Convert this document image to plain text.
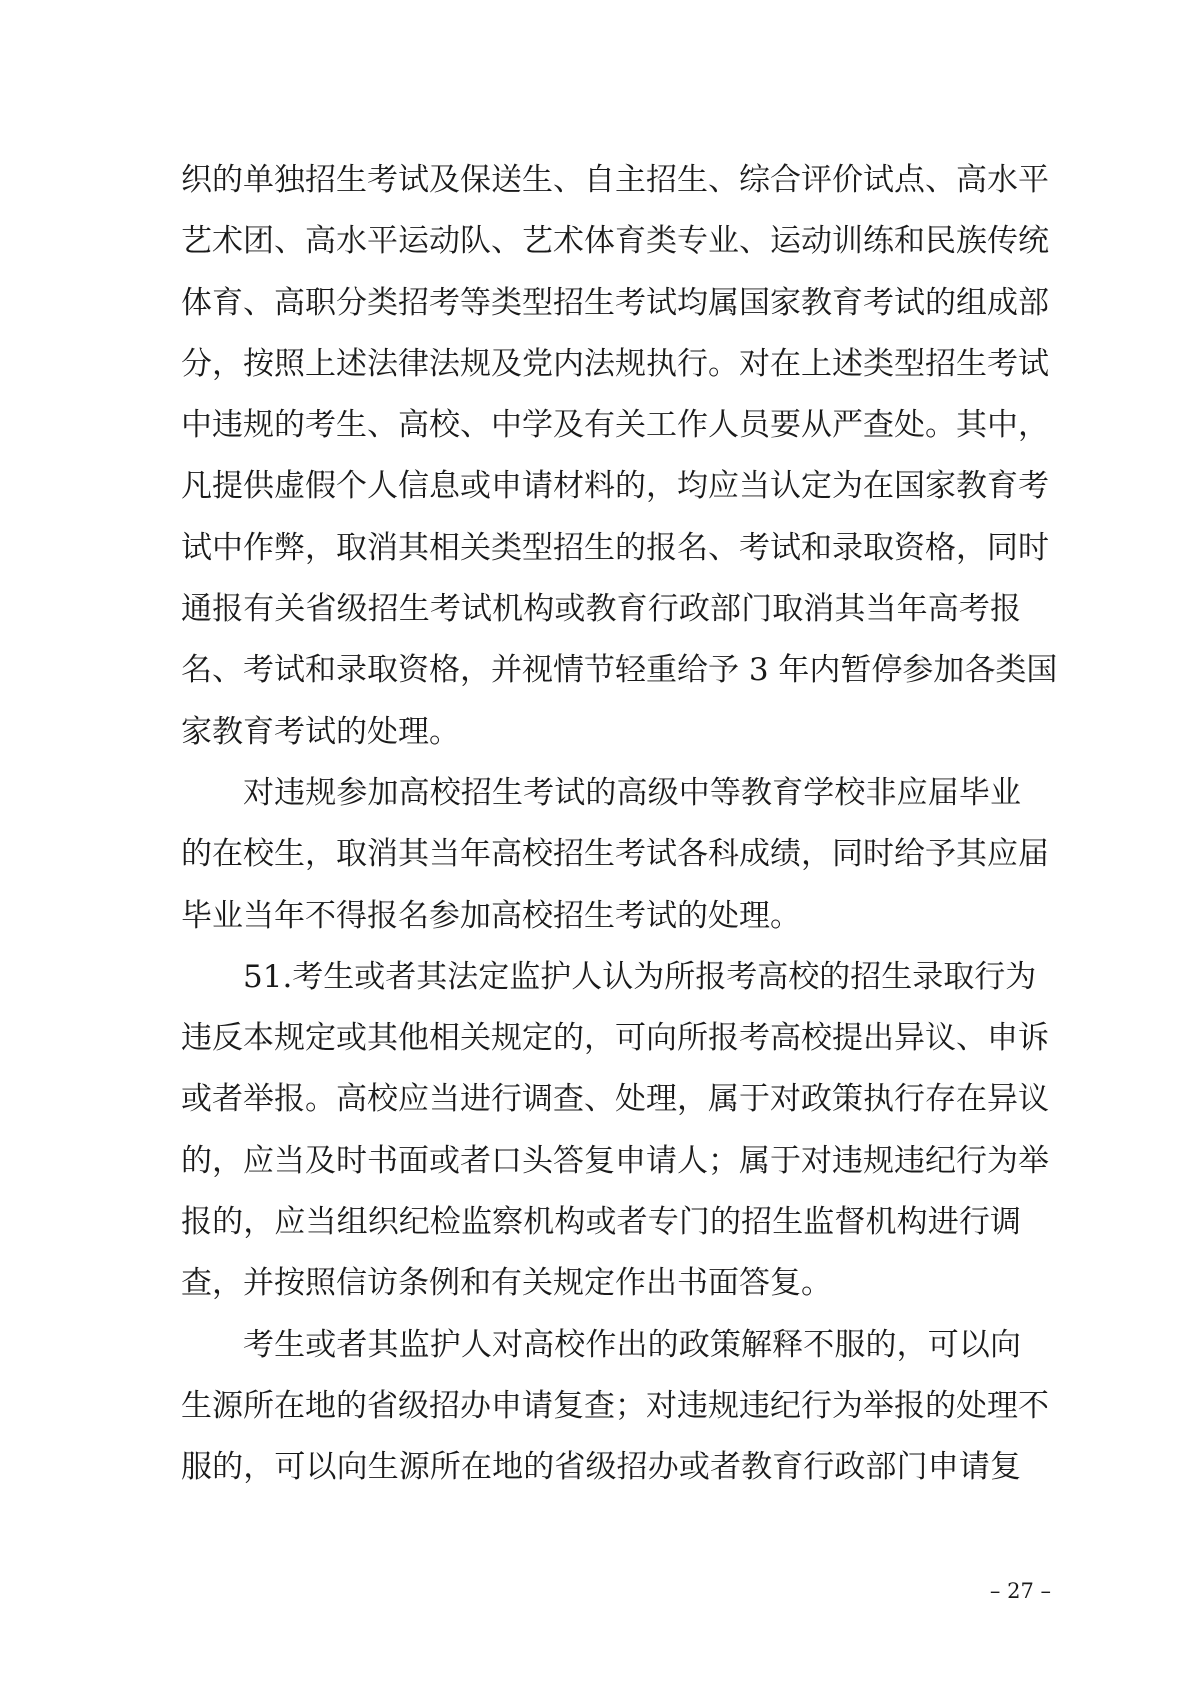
织的单独招生考试及保送生、自主招生、综合评价试点、高水平
艺术团、高水平运动队、艺术体育类专业、运动训练和民族传统
体育、高职分类招考等类型招生考试均属国家教育考试的组成部
分，按照上述法律法规及党内法规执行。对在上述类型招生考试
中违规的考生、高校、中学及有关工作人员要从严查处。其中，
凡提供虚假个人信息或申请材料的，均应当认定为在国家教育考
试中作弊，取消其相关类型招生的报名、考试和录取资格，同时
通报有关省级招生考试机构或教育行政部门取消其当年高考报
名、考试和录取资格，并视情节轻重给予 3 年内暂停参加各类国
家教育考试的处理。
对违规参加高校招生考试的高级中等教育学校非应届毕业
的在校生，取消其当年高校招生考试各科成绩，同时给予其应届
毕业当年不得报名参加高校招生考试的处理。
51.考生或者其法定监护人认为所报考高校的招生录取行为
违反本规定或其他相关规定的，可向所报考高校提出异议、申诉
或者举报。高校应当进行调查、处理，属于对政策执行存在异议
的，应当及时书面或者口头答复申请人；属于对违规违纪行为举
报的，应当组织纪检监察机构或者专门的招生监督机构进行调
查，并按照信访条例和有关规定作出书面答复。
考生或者其监护人对高校作出的政策解释不服的，可以向
生源所在地的省级招办申请复查；对违规违纪行为举报的处理不
服的，可以向生源所在地的省级招办或者教育行政部门申请复
– 27 –
